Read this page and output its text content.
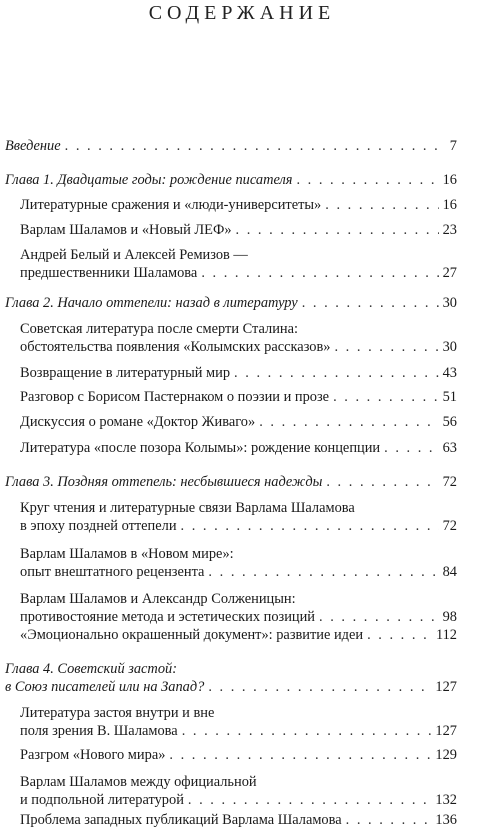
СОДЕРЖАНИЕ
Введение . . .	7
Глава 1. Двадцатые годы: рождение писателя . . .	16
Литературные сражения и «люди-университеты» . . .	16
Варлам Шаламов и «Новый ЛЕФ» . . .	23
Андрей Белый и Алексей Ремизов —
предшественники Шаламова . . .	27
Глава 2. Начало оттепели: назад в литературу . . .	30
Советская литература после смерти Сталина:
обстоятельства появления «Колымских рассказов» . . .	30
Возвращение в литературный мир . . .	43
Разговор с Борисом Пастернаком о поэзии и прозе . . .	51
Дискуссия о романе «Доктор Живаго» . . .	56
Литература «после позора Колымы»: рождение концепции . . .	63
Глава 3. Поздняя оттепель: несбывшиеся надежды . . .	72
Круг чтения и литературные связи Варлама Шаламова
в эпоху поздней оттепели . . .	72
Варлам Шаламов в «Новом мире»:
опыт внештатного рецензента . . .	84
Варлам Шаламов и Александр Солженицын:
противостояние метода и эстетических позиций . . .	98
«Эмоционально окрашенный документ»: развитие идеи . . .	112
Глава 4. Советский застой:
в Союз писателей или на Запад? . . .	127
Литература застоя внутри и вне
поля зрения В. Шаламова . . .	127
Разгром «Нового мира» . . .	129
Варлам Шаламов между официальной
и подпольной литературой . . .	132
Проблема западных публикаций Варлама Шаламова . . .	136
